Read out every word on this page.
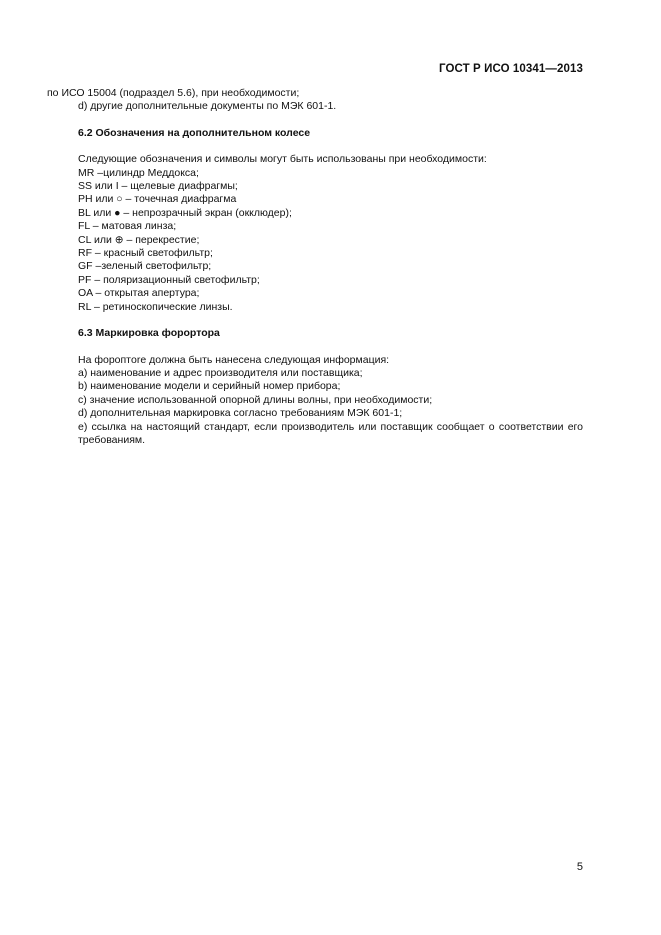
ГОСТ Р ИСО 10341—2013

по ИСО 15004 (подраздел 5.6), при необходимости;

d) другие дополнительные документы по МЭК 601-1.

6.2 Обозначения на дополнительном колесе

Следующие обозначения и символы могут быть использованы при необходимости:

MR –цилиндр Меддокса;

SS или I – щелевые диафрагмы;

PH или ○ – точечная диафрагма

BL или ● – непрозрачный экран (окклюдер);

FL – матовая линза;

CL или ⊕ – перекрестие;

RF – красный светофильтр;

GF –зеленый светофильтр;

PF – поляризационный светофильтр;

OA – открытая апертура;

RL – ретиноскопические линзы.

6.3 Маркировка форортора

На фороптore должна быть нанесена следующая информация:

a) наименование и адрес производителя или поставщика;

b) наименование модели и серийный номер прибора;

c) значение использованной опорной длины волны, при необходимости;

d) дополнительная маркировка согласно требованиям МЭК 601-1;

e) ссылка на настоящий стандарт, если производитель или поставщик сообщает о соответствии его требованиям.

5
